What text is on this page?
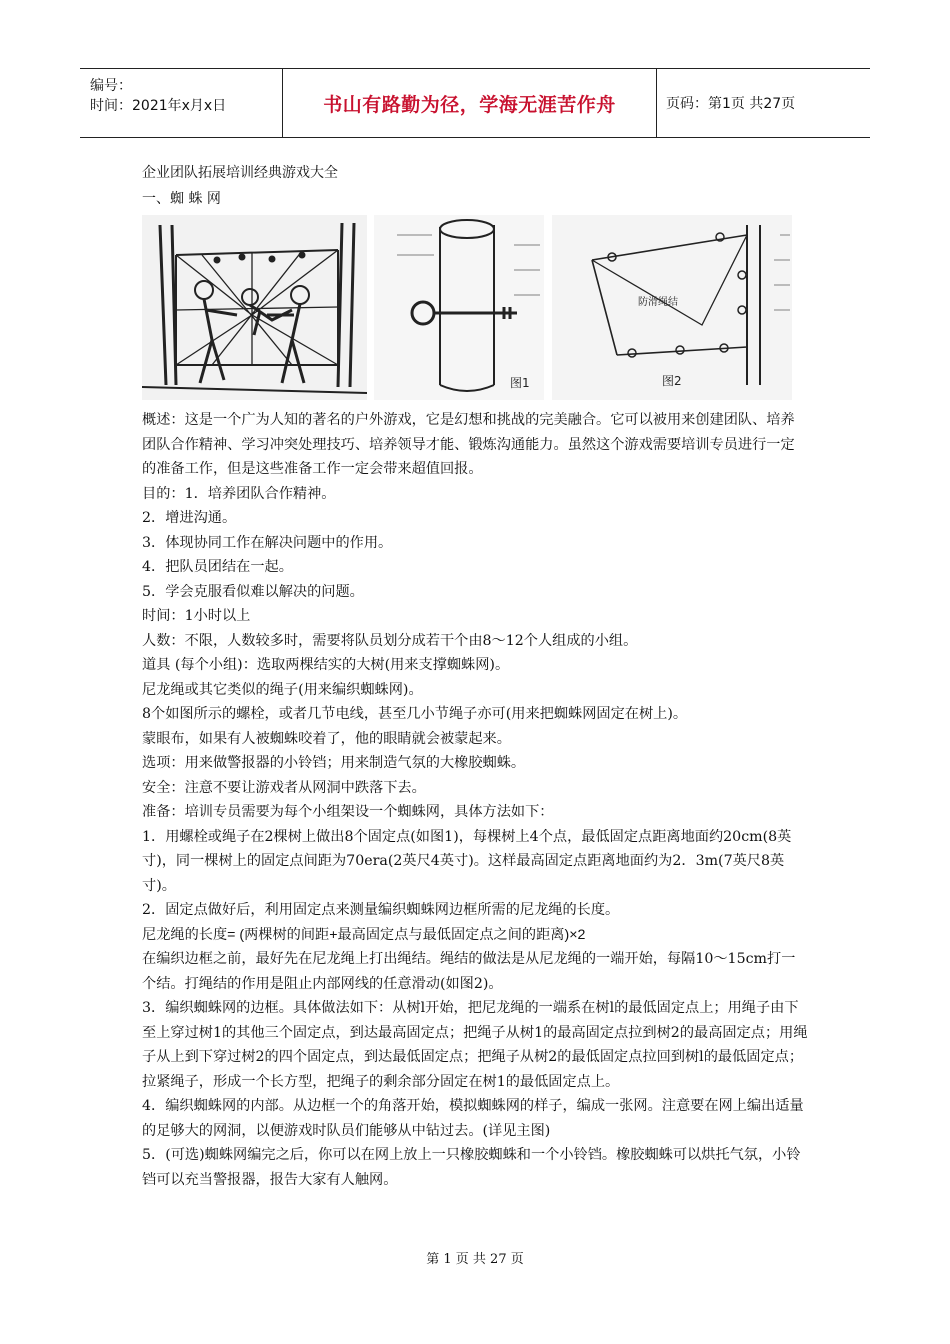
编号：
时间：2021年x月x日	书山有路勤为径，学海无涯苦作舟	页码：第1页 共27页
企业团队拓展培训经典游戏大全
一、蜘 蛛 网
图1
防滑绳结
图2

概述：这是一个广为人知的著名的户外游戏，它是幻想和挑战的完美融合。它可以被用来创建团队、培养团队合作精神、学习冲突处理技巧、培养领导才能、锻炼沟通能力。虽然这个游戏需要培训专员进行一定的准备工作，但是这些准备工作一定会带来超值回报。

目的：1．培养团队合作精神。

2．增进沟通。

3．体现协同工作在解决问题中的作用。

4．把队员团结在一起。

5．学会克服看似难以解决的问题。

时间：1小时以上

人数：不限，人数较多时，需要将队员划分成若干个由8～12个人组成的小组。

道具 (每个小组)：选取两棵结实的大树(用来支撑蜘蛛网)。

尼龙绳或其它类似的绳子(用来编织蜘蛛网)。

8个如图所示的螺栓，或者几节电线，甚至几小节绳子亦可(用来把蜘蛛网固定在树上)。

蒙眼布，如果有人被蜘蛛咬着了，他的眼睛就会被蒙起来。

选项：用来做警报器的小铃铛；用来制造气氛的大橡胶蜘蛛。

安全：注意不要让游戏者从网洞中跌落下去。

准备：培训专员需要为每个小组架设一个蜘蛛网，具体方法如下：

1．用螺栓或绳子在2棵树上做出8个固定点(如图1)，每棵树上4个点，最低固定点距离地面约20cm(8英寸)，同一棵树上的固定点间距为70era(2英尺4英寸)。这样最高固定点距离地面约为2．3m(7英尺8英寸)。

2．固定点做好后，利用固定点来测量编织蜘蛛网边框所需的尼龙绳的长度。

尼龙绳的长度= (两棵树的间距+最高固定点与最低固定点之间的距离)×2

在编织边框之前，最好先在尼龙绳上打出绳结。绳结的做法是从尼龙绳的一端开始，每隔10～15cm打一个结。打绳结的作用是阻止内部网线的任意滑动(如图2)。

3．编织蜘蛛网的边框。具体做法如下：从树l开始，把尼龙绳的一端系在树l的最低固定点上；用绳子由下至上穿过树1的其他三个固定点，到达最高固定点；把绳子从树1的最高固定点拉到树2的最高固定点；用绳子从上到下穿过树2的四个固定点，到达最低固定点；把绳子从树2的最低固定点拉回到树l的最低固定点；拉紧绳子，形成一个长方型，把绳子的剩余部分固定在树1的最低固定点上。

4．编织蜘蛛网的内部。从边框一个的角落开始，模拟蜘蛛网的样子，编成一张网。注意要在网上编出适量的足够大的网洞，以便游戏时队员们能够从中钻过去。(详见主图)

5．(可选)蜘蛛网编完之后，你可以在网上放上一只橡胶蜘蛛和一个小铃铛。橡胶蜘蛛可以烘托气氛，小铃铛可以充当警报器，报告大家有人触网。

第 1 页 共 27 页
